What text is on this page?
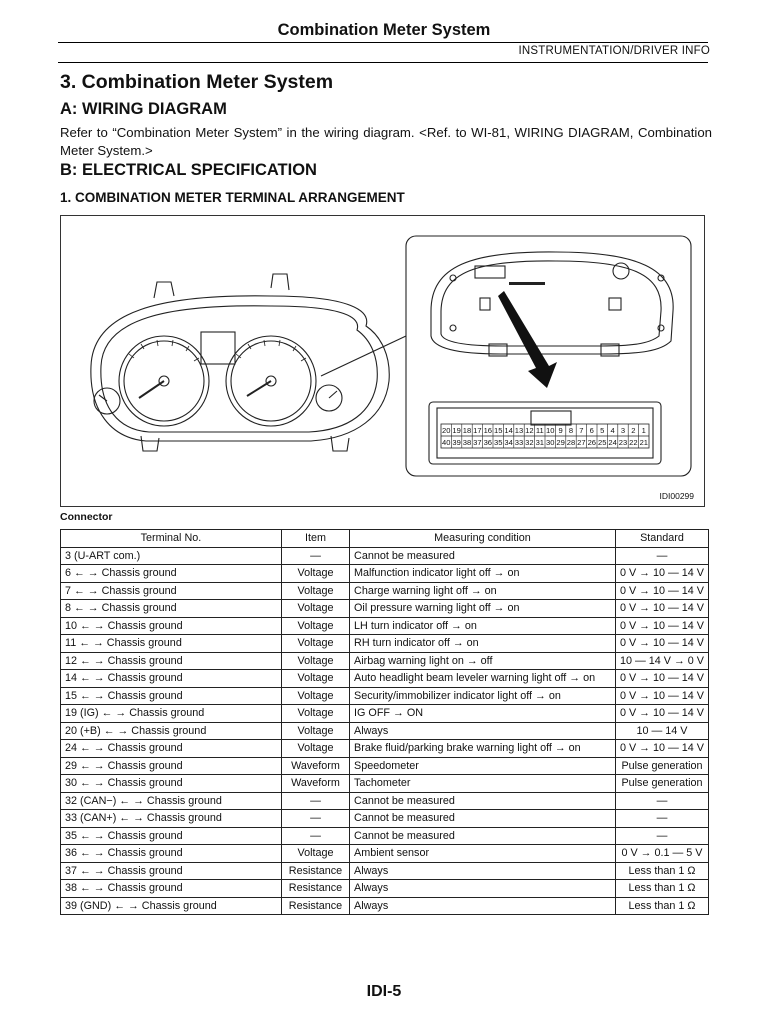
Combination Meter System
INSTRUMENTATION/DRIVER INFO
3. Combination Meter System
A: WIRING DIAGRAM
Refer to “Combination Meter System” in the wiring diagram. <Ref. to WI-81, WIRING DIAGRAM, Combination Meter System.>
B: ELECTRICAL SPECIFICATION
1. COMBINATION METER TERMINAL ARRANGEMENT
20 19 18 17 16 15 14 13 12 11 10 9 8 7 6 5 4 3 2 1
40 39 38 37 36 35 34 33 32 31 30 29 28 27 26 25 24 23 22 21
IDI00299
Connector
Terminal No.	Item	Measuring condition	Standard
3 (U-ART com.)	—	Cannot be measured	—
6 ← → Chassis ground	Voltage	Malfunction indicator light off → on	0 V → 10 — 14 V
7 ← → Chassis ground	Voltage	Charge warning light off → on	0 V → 10 — 14 V
8 ← → Chassis ground	Voltage	Oil pressure warning light off → on	0 V → 10 — 14 V
10 ← → Chassis ground	Voltage	LH turn indicator off → on	0 V → 10 — 14 V
11 ← → Chassis ground	Voltage	RH turn indicator off → on	0 V → 10 — 14 V
12 ← → Chassis ground	Voltage	Airbag warning light on → off	10 — 14 V → 0 V
14 ← → Chassis ground	Voltage	Auto headlight beam leveler warning light off → on	0 V → 10 — 14 V
15 ← → Chassis ground	Voltage	Security/immobilizer indicator light off → on	0 V → 10 — 14 V
19 (IG) ← → Chassis ground	Voltage	IG OFF → ON	0 V → 10 — 14 V
20 (+B) ← → Chassis ground	Voltage	Always	10 — 14 V
24 ← → Chassis ground	Voltage	Brake fluid/parking brake warning light off → on	0 V → 10 — 14 V
29 ← → Chassis ground	Waveform	Speedometer	Pulse generation
30 ← → Chassis ground	Waveform	Tachometer	Pulse generation
32 (CAN−) ← → Chassis ground	—	Cannot be measured	—
33 (CAN+) ← → Chassis ground	—	Cannot be measured	—
35 ← → Chassis ground	—	Cannot be measured	—
36 ← → Chassis ground	Voltage	Ambient sensor	0 V → 0.1 — 5 V
37 ← → Chassis ground	Resistance	Always	Less than 1 Ω
38 ← → Chassis ground	Resistance	Always	Less than 1 Ω
39 (GND) ← → Chassis ground	Resistance	Always	Less than 1 Ω
IDI-5
